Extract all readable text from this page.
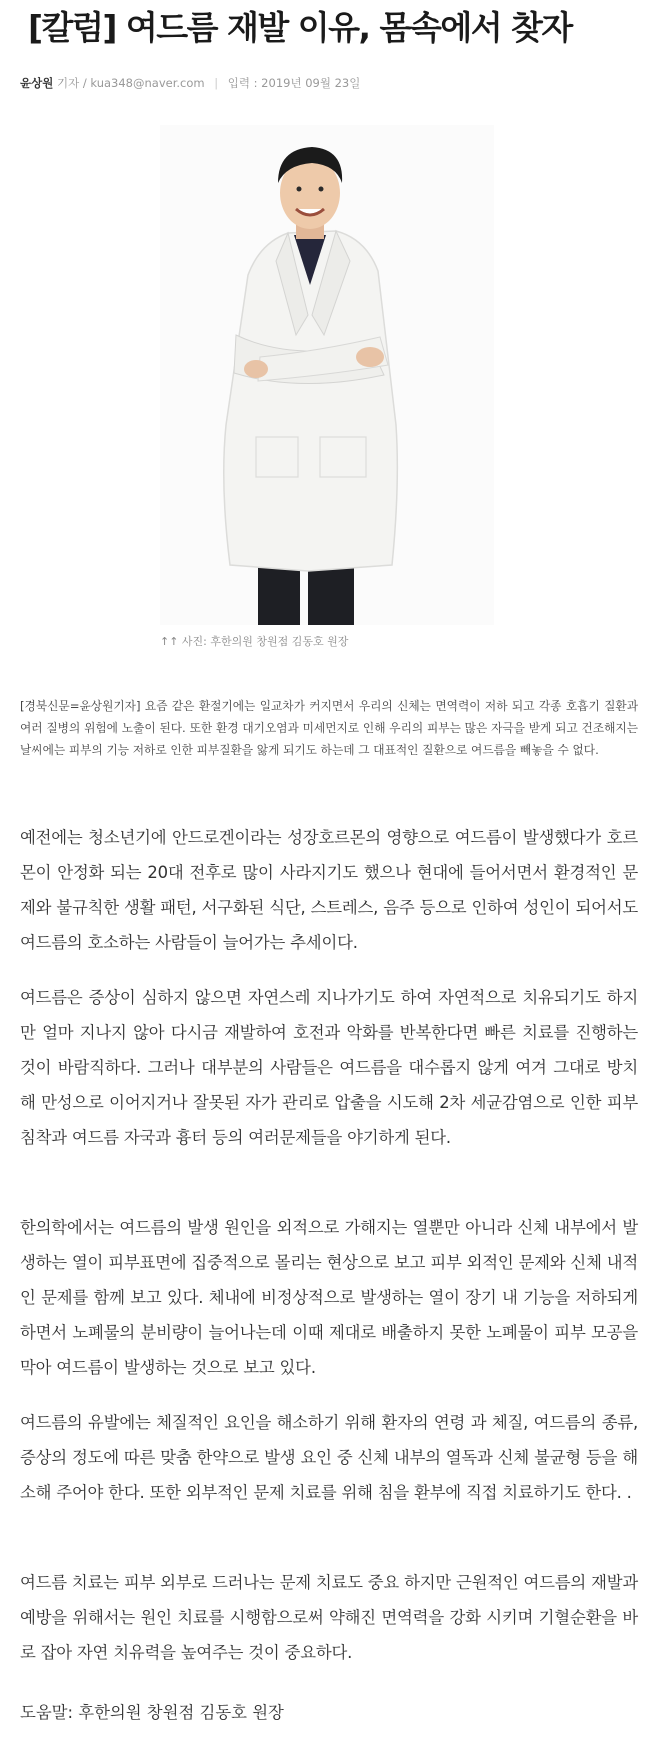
[칼럼] 여드름 재발 이유, 몸속에서 찾자
윤상원 기자 / kua348@naver.com | 입력 : 2019년 09월 23일
↑↑ 사진: 후한의원 창원점 김동호 원장

[경북신문=윤상원기자] 요즘 같은 환절기에는 일교차가 커지면서 우리의 신체는 면역력이 저하 되고 각종 호흡기 질환과 여러 질병의 위험에 노출이 된다. 또한 환경 대기오염과 미세먼지로 인해 우리의 피부는 많은 자극을 받게 되고 건조해지는 날씨에는 피부의 기능 저하로 인한 피부질환을 앓게 되기도 하는데 그 대표적인 질환으로 여드름을 빼놓을 수 없다.

예전에는 청소년기에 안드로겐이라는 성장호르몬의 영향으로 여드름이 발생했다가 호르몬이 안정화 되는 20대 전후로 많이 사라지기도 했으나 현대에 들어서면서 환경적인 문제와 불규칙한 생활 패턴, 서구화된 식단, 스트레스, 음주 등으로 인하여 성인이 되어서도 여드름의 호소하는 사람들이 늘어가는 추세이다.

여드름은 증상이 심하지 않으면 자연스레 지나가기도 하여 자연적으로 치유되기도 하지만 얼마 지나지 않아 다시금 재발하여 호전과 악화를 반복한다면 빠른 치료를 진행하는 것이 바람직하다. 그러나 대부분의 사람들은 여드름을 대수롭지 않게 여겨 그대로 방치 해 만성으로 이어지거나 잘못된 자가 관리로 압출을 시도해 2차 세균감염으로 인한 피부 침착과 여드름 자국과 흉터 등의 여러문제들을 야기하게 된다.

한의학에서는 여드름의 발생 원인을 외적으로 가해지는 열뿐만 아니라 신체 내부에서 발생하는 열이 피부표면에 집중적으로 몰리는 현상으로 보고 피부 외적인 문제와 신체 내적인 문제를 함께 보고 있다. 체내에 비정상적으로 발생하는 열이 장기 내 기능을 저하되게 하면서 노폐물의 분비량이 늘어나는데 이때 제대로 배출하지 못한 노폐물이 피부 모공을 막아 여드름이 발생하는 것으로 보고 있다.

여드름의 유발에는 체질적인 요인을 해소하기 위해 환자의 연령 과 체질, 여드름의 종류, 증상의 정도에 따른 맞춤 한약으로 발생 요인 중 신체 내부의 열독과 신체 불균형 등을 해소해 주어야 한다. 또한 외부적인 문제 치료를 위해 침을 환부에 직접 치료하기도 한다. .

여드름 치료는 피부 외부로 드러나는 문제 치료도 중요 하지만 근원적인 여드름의 재발과 예방을 위해서는 원인 치료를 시행함으로써 약해진 면역력을 강화 시키며 기혈순환을 바로 잡아 자연 치유력을 높여주는 것이 중요하다.

도움말: 후한의원 창원점 김동호 원장
